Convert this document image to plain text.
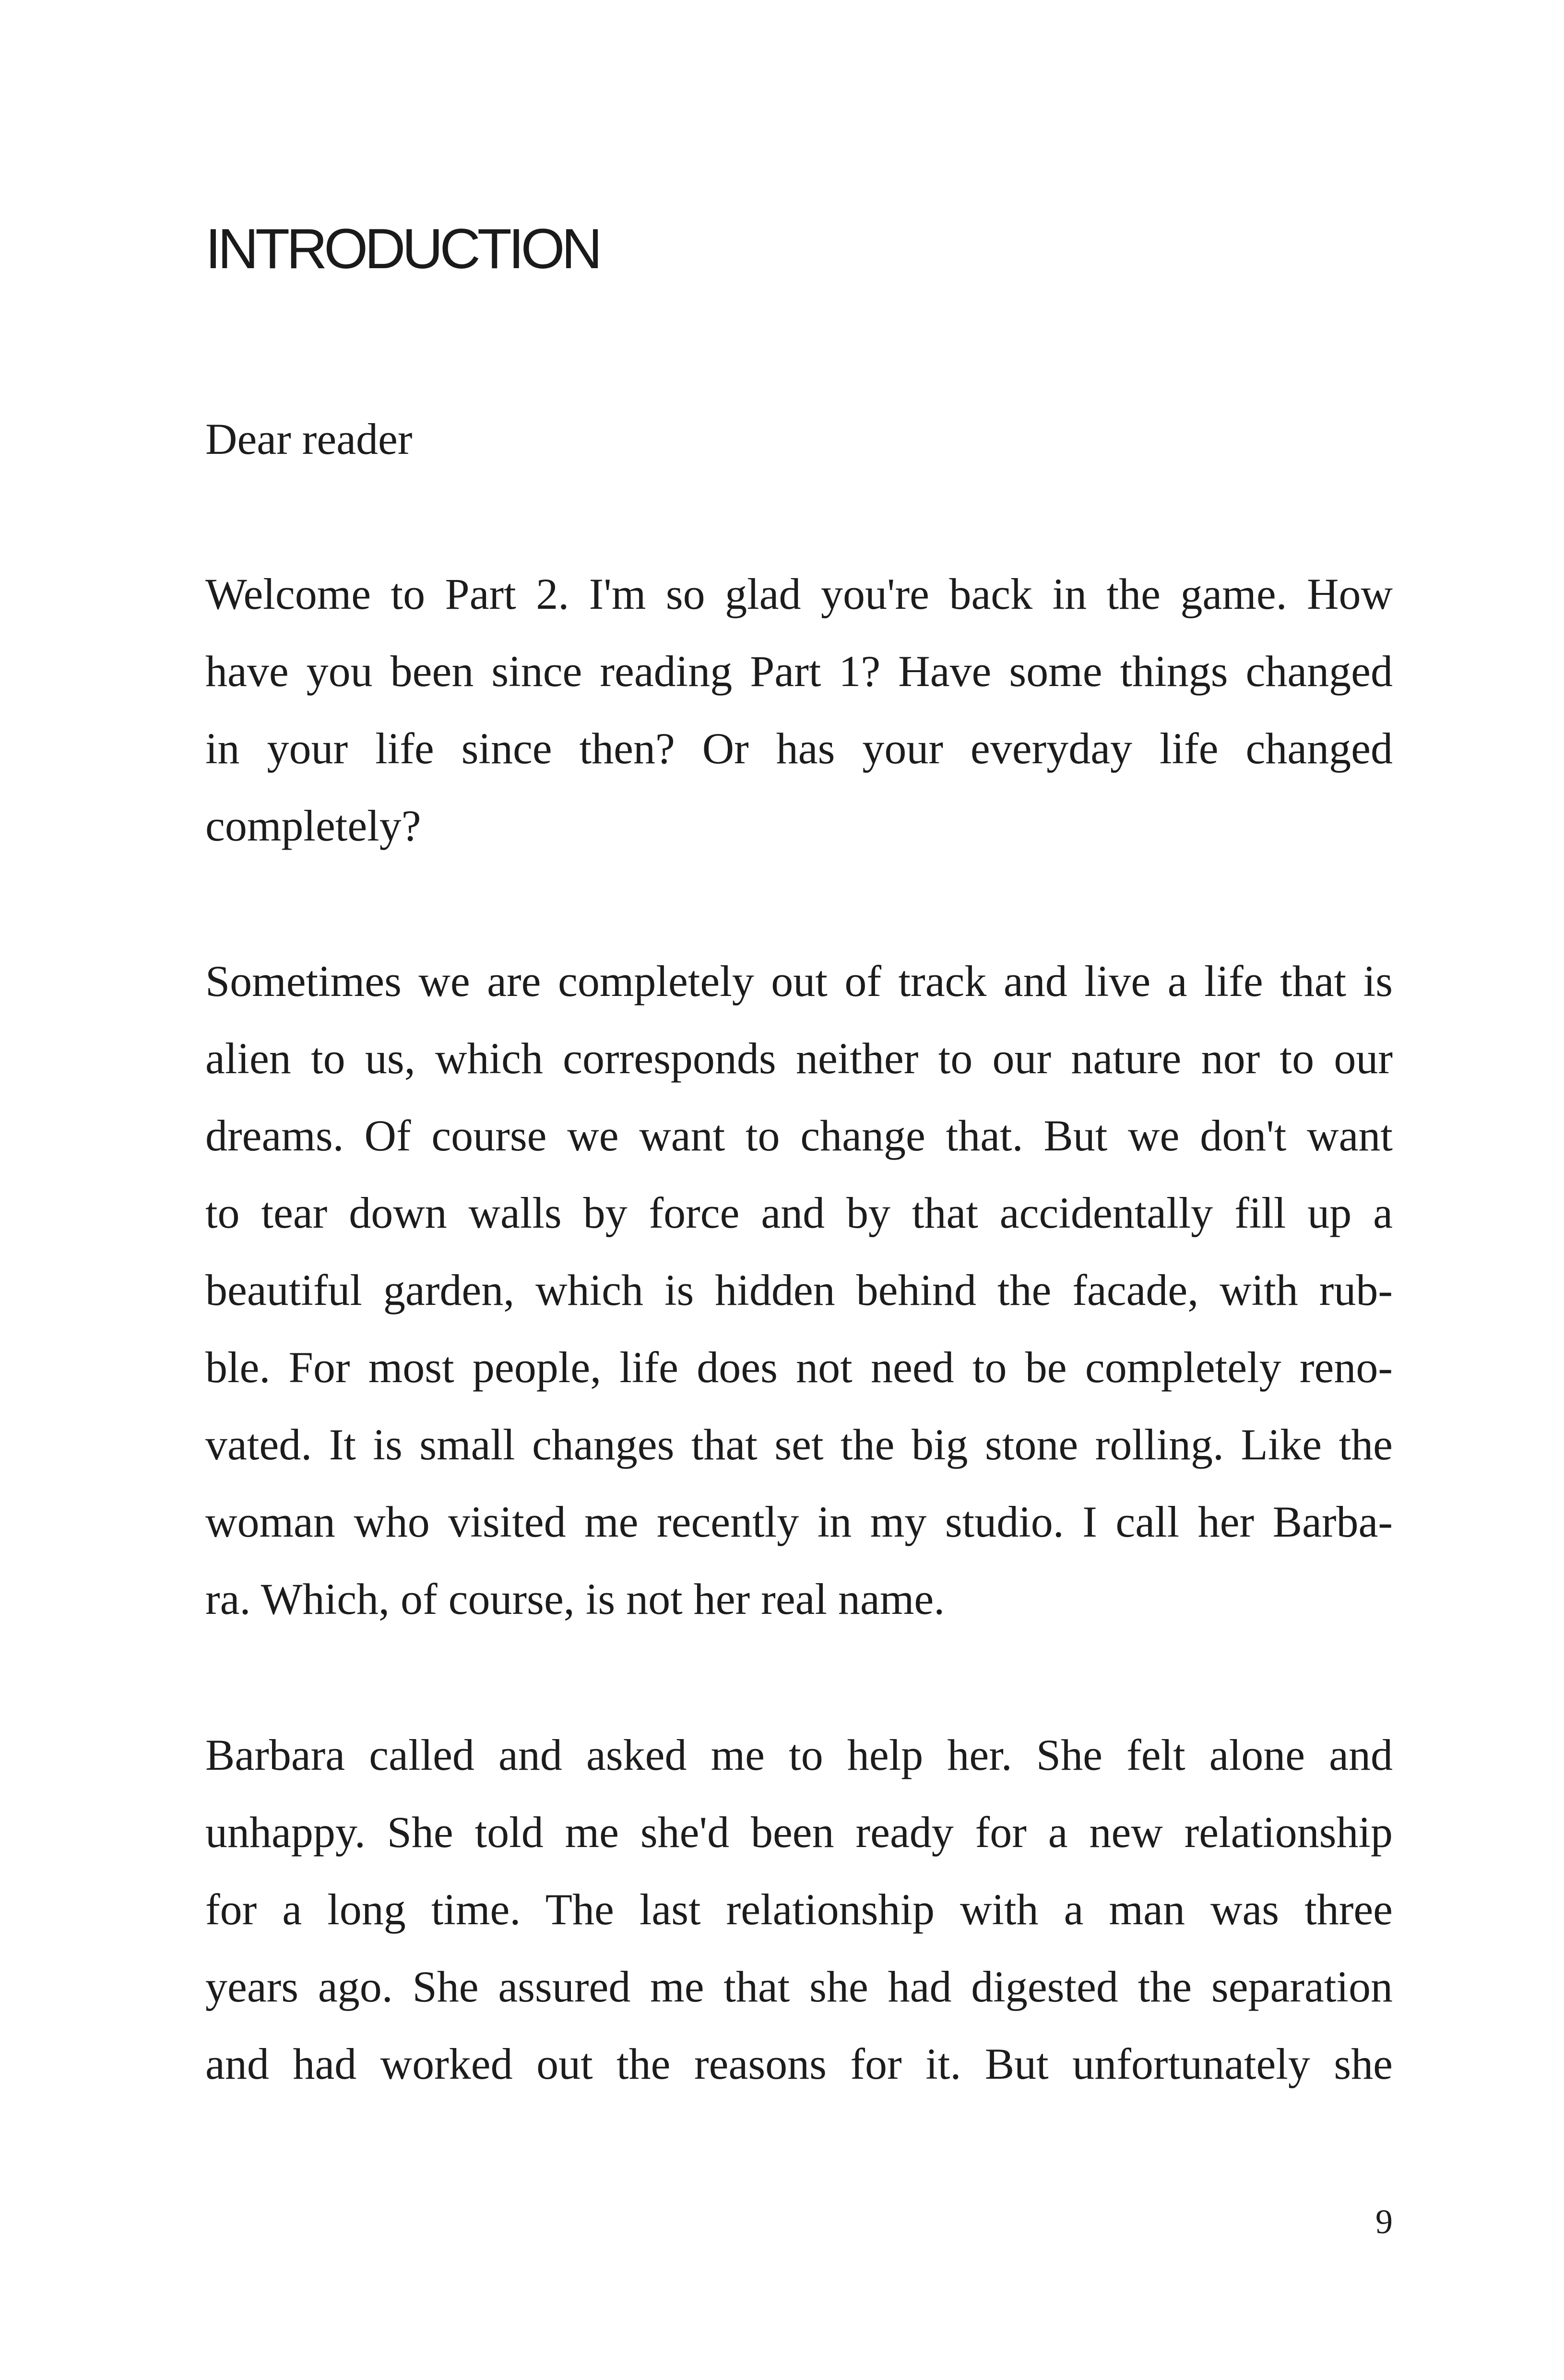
INTRODUCTION

Dear reader

Welcome to Part 2. I'm so glad you're back in the game. How

have you been since reading Part 1? Have some things changed

in your life since then? Or has your everyday life changed

completely?

Sometimes we are completely out of track and live a life that is

alien to us, which corresponds neither to our nature nor to our

dreams. Of course we want to change that. But we don't want

to tear down walls by force and by that accidentally fill up a

beautiful garden, which is hidden behind the facade, with rub-

ble. For most people, life does not need to be completely reno-

vated. It is small changes that set the big stone rolling. Like the

woman who visited me recently in my studio. I call her Barba-

ra. Which, of course, is not her real name.

Barbara called and asked me to help her. She felt alone and

unhappy. She told me she'd been ready for a new relationship

for a long time. The last relationship with a man was three

years ago. She assured me that she had digested the separation

and had worked out the reasons for it. But unfortunately she

9
